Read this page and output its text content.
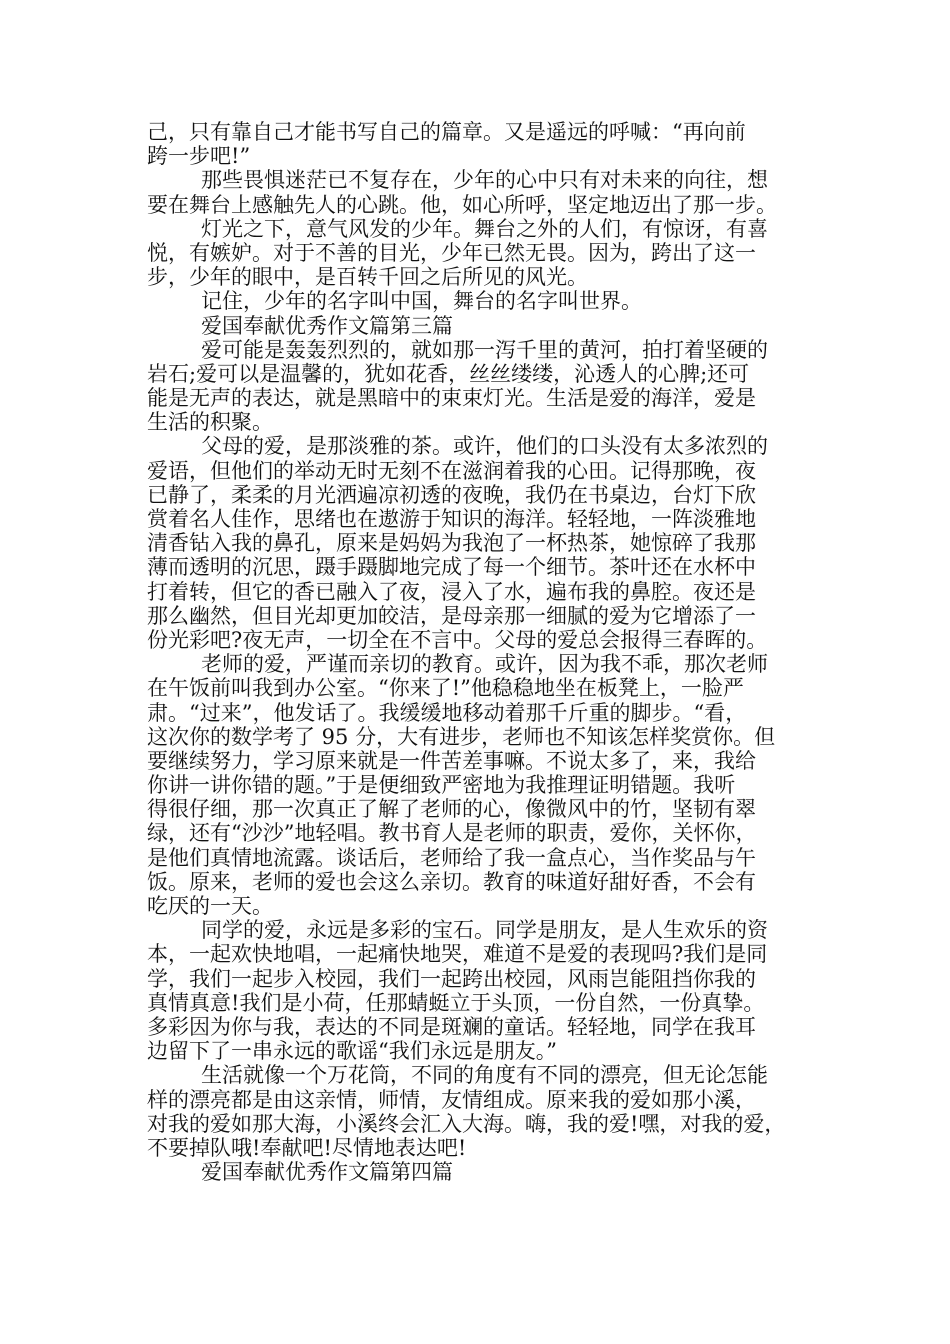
己，只有靠自己才能书写自己的篇章。又是遥远的呼喊：“再向前
跨一步吧!”
那些畏惧迷茫已不复存在，少年的心中只有对未来的向往，想
要在舞台上感触先人的心跳。他，如心所呼，坚定地迈出了那一步。
灯光之下，意气风发的少年。舞台之外的人们，有惊讶，有喜
悦，有嫉妒。对于不善的目光，少年已然无畏。因为，跨出了这一
步，少年的眼中，是百转千回之后所见的风光。
记住，少年的名字叫中国，舞台的名字叫世界。
爱国奉献优秀作文篇第三篇
爱可能是轰轰烈烈的，就如那一泻千里的黄河，拍打着坚硬的
岩石;爱可以是温馨的，犹如花香，丝丝缕缕，沁透人的心脾;还可
能是无声的表达，就是黑暗中的束束灯光。生活是爱的海洋，爱是
生活的积聚。
父母的爱，是那淡雅的茶。或许，他们的口头没有太多浓烈的
爱语，但他们的举动无时无刻不在滋润着我的心田。记得那晚，夜
已静了，柔柔的月光洒遍凉初透的夜晚，我仍在书桌边，台灯下欣
赏着名人佳作，思绪也在遨游于知识的海洋。轻轻地，一阵淡雅地
清香钻入我的鼻孔，原来是妈妈为我泡了一杯热茶，她惊碎了我那
薄而透明的沉思，蹑手蹑脚地完成了每一个细节。茶叶还在水杯中
打着转，但它的香已融入了夜，浸入了水，遍布我的鼻腔。夜还是
那么幽然，但目光却更加皎洁，是母亲那一细腻的爱为它增添了一
份光彩吧?夜无声，一切全在不言中。父母的爱总会报得三春晖的。
老师的爱，严谨而亲切的教育。或许，因为我不乖，那次老师
在午饭前叫我到办公室。“你来了!”他稳稳地坐在板凳上，一脸严
肃。“过来”，他发话了。我缓缓地移动着那千斤重的脚步。“看，
这次你的数学考了 95 分，大有进步，老师也不知该怎样奖赏你。但
要继续努力，学习原来就是一件苦差事嘛。不说太多了，来，我给
你讲一讲你错的题。”于是便细致严密地为我推理证明错题。我听
得很仔细，那一次真正了解了老师的心，像微风中的竹，坚韧有翠
绿，还有“沙沙”地轻唱。教书育人是老师的职责，爱你，关怀你，
是他们真情地流露。谈话后，老师给了我一盒点心，当作奖品与午
饭。原来，老师的爱也会这么亲切。教育的味道好甜好香，不会有
吃厌的一天。
同学的爱，永远是多彩的宝石。同学是朋友，是人生欢乐的资
本，一起欢快地唱，一起痛快地哭，难道不是爱的表现吗?我们是同
学，我们一起步入校园，我们一起跨出校园，风雨岂能阻挡你我的
真情真意!我们是小荷，任那蜻蜓立于头顶，一份自然，一份真挚。
多彩因为你与我，表达的不同是斑斓的童话。轻轻地，同学在我耳
边留下了一串永远的歌谣“我们永远是朋友。”
生活就像一个万花筒，不同的角度有不同的漂亮，但无论怎能
样的漂亮都是由这亲情，师情，友情组成。原来我的爱如那小溪，
对我的爱如那大海，小溪终会汇入大海。嗨，我的爱!嘿，对我的爱，
不要掉队哦!奉献吧!尽情地表达吧!
爱国奉献优秀作文篇第四篇
